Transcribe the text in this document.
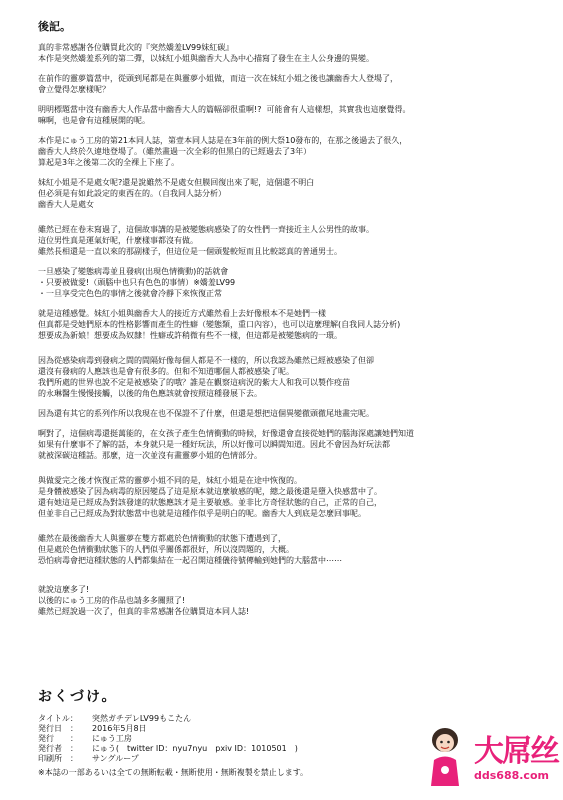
後記。
真的非常感謝各位購買此次的『突然嬌羞LV99妹紅碳』
本作是突然嬌羞系列的第二彈，以妹紅小姐與幽香大人為中心描寫了發生在主人公身邊的異變。
在前作的靈夢篇當中，從頭到尾都是在與靈夢小姐做，而這一次在妹紅小姐之後也讓幽香大人登場了，
會立覺得怎麼樣呢？
明明標題當中沒有幽香大人作品當中幽香大人的篇幅卻很重啊!?  可能會有人這樣想，其實我也這麼覺得。
嘛啊，也是會有這種展開的呢。
本作是にゅう工房的第21本同人誌，第壹本同人誌是在3年前的例大祭10發布的，在那之後過去了很久，
幽香大人終於久違地登場了。（雖然畫過一次全彩的但黑白的已經過去了3年）
算起是3年之後第二次的全裸上下座了。
妹紅小姐是不是處女呢?還是說雖然不是處女但膜回復出來了呢，這個還不明白
但必須是有如此設定的東西在的。（自我同人誌分析）
幽香大人是處女
雖然已經在卷末寫過了，這個故事講的是被變態病感染了的女性們一齊接近主人公男性的故事。
這位男性真是運氣好呢，什麼樣事都沒有做。
雖然長相還是一直以來的那副樣子，但這位是一個頭髮較短而且比較認真的普通男士。
一旦感染了變態病毒並且發病(出現色情衝動)的話就會
・只要被做愛!（頭腦中也只有色色的事情）※嬌羞LV99
・一旦享受完色色的事情之後就會冷靜下來恢復正常
就是這種感覺。妹紅小姐與幽香大人的接近方式雖然看上去好像根本不是她們一樣
但真都是受她們原本的性格影響而產生的性癖（變態類，重口內容），也可以這麼理解(自我同人誌分析)
想要成為新娘！想要成為奴隸！性癖或許稍微有些不一樣，但這都是被變態病的一環。
因為從感染病毒到發病之間的間隔好像每個人都是不一樣的，所以我認為雖然已經被感染了但卻
還沒有發病的人應該也是會有很多的。但和不知道哪個人都被感染了呢。
我們所處的世界也說不定是被感染了的哦？誰是在觀察這病況的紫大人和我可以製作疫苗
的永琳醫生慢慢接觸，以後的角色應該就會按照這種發展下去。
因為還有其它的系列作所以我現在也不保證不了什麼，但還是想把這個異變徹頭徹尾地畫完呢。
啊對了，這個病毒還挺萬能的，在女孩子產生色情衝動的時候，好像還會直接從她們的腦海深處讓她們知道
如果有什麼事不了解的話，本身就只是一種好玩法，所以好像可以瞬間知道。因此不會因為好玩法都
就被深碳這種話。那麼，這一次並沒有畫靈夢小姐的色情部分。
與做愛完之後才恢復正常的靈夢小姐不同的是，妹紅小姐是在途中恢復的。
是身體被感染了因為病毒的原因變爲了這是原本就這麼敏感的呢，總之最後還是墮入快感當中了。
還有她這是已經成為對該發達的狀態應該才是主要敏感。並非比方奇怪狀態的自己，正常的自己，
但並非自己已經成為對狀態當中也就是這種作似乎是明白的呢。幽香大人到底是怎麼回事呢。
雖然在最後幽香大人與靈夢在雙方都處於色情衝動的狀態下遭遇到了，
但是處於色情衝動狀態下的人們似乎關係都很好，所以沒問題的，大概。
恐怕病毒會把這種狀態的人們都集結在一起召開這種儀待號傳輸到她們的大腦當中⋯⋯
就說這麼多了!
以後的にゅう工房的作品也請多多關照了!
雖然已經說過一次了，但真的非常感謝各位購買這本同人誌!
おくづけ。
タイトル：	突然ガチデレLV99もこたん
発行日　：	2016年5月8日
発行　　：	にゅう工房
発行者　：	にゅう(　twitter ID：nyu7nyu　pxiv ID：1010501　)
印刷所　：	サングループ
※本誌の一部あるいは全ての無断転載・無断使用・無断複製を禁止します。
大屌丝
dds688.com
